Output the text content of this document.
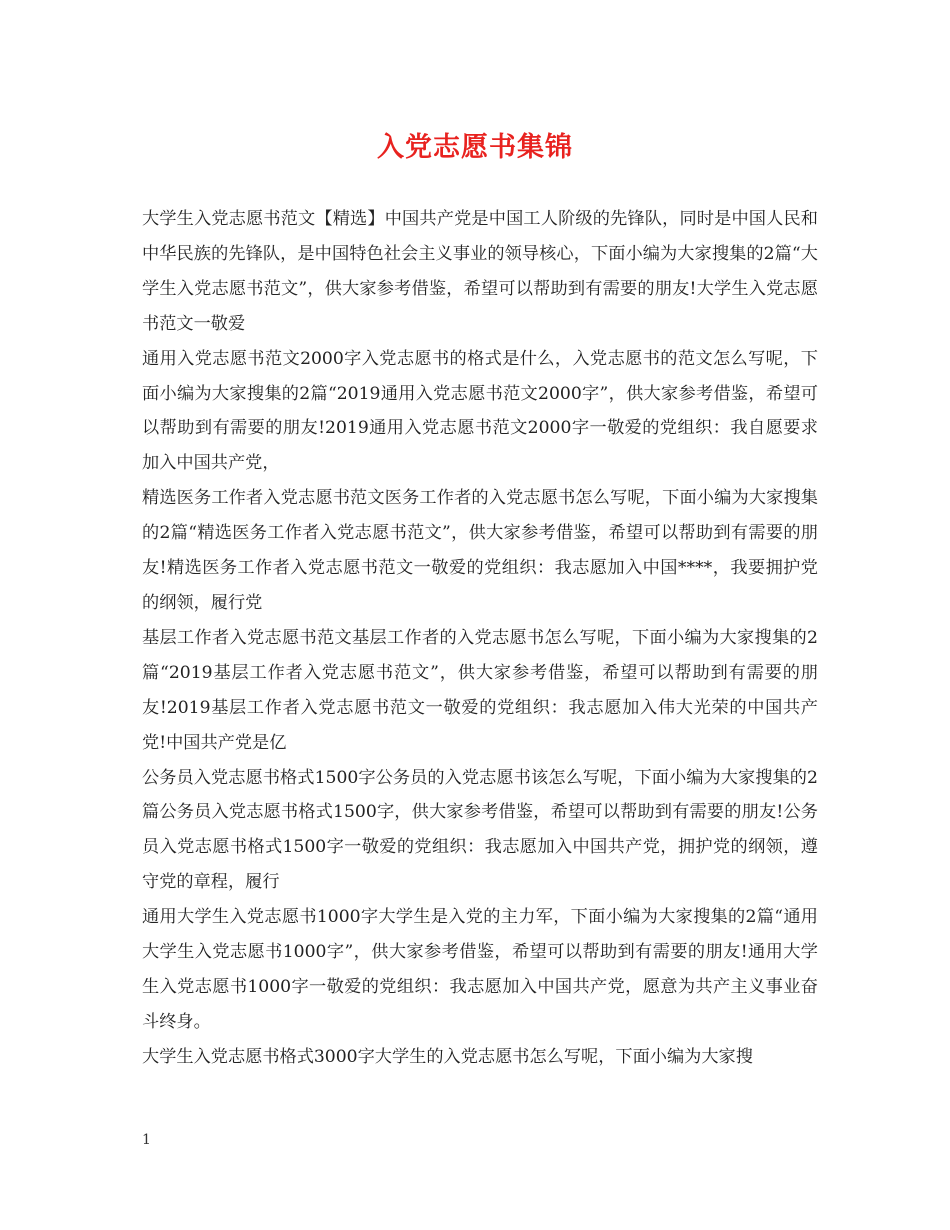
入党志愿书集锦

大学生入党志愿书范文【精选】中国共产党是中国工人阶级的先锋队，同时是中国人民和中华民族的先锋队，是中国特色社会主义事业的领导核心，下面小编为大家搜集的2篇“大学生入党志愿书范文”，供大家参考借鉴，希望可以帮助到有需要的朋友!大学生入党志愿书范文一敬爱

通用入党志愿书范文2000字入党志愿书的格式是什么，入党志愿书的范文怎么写呢，下面小编为大家搜集的2篇“2019通用入党志愿书范文2000字”，供大家参考借鉴，希望可以帮助到有需要的朋友!2019通用入党志愿书范文2000字一敬爱的党组织：我自愿要求加入中国共产党，

精选医务工作者入党志愿书范文医务工作者的入党志愿书怎么写呢，下面小编为大家搜集的2篇“精选医务工作者入党志愿书范文”，供大家参考借鉴，希望可以帮助到有需要的朋友!精选医务工作者入党志愿书范文一敬爱的党组织：我志愿加入中国****，我要拥护党的纲领，履行党

基层工作者入党志愿书范文基层工作者的入党志愿书怎么写呢，下面小编为大家搜集的2篇“2019基层工作者入党志愿书范文”，供大家参考借鉴，希望可以帮助到有需要的朋友!2019基层工作者入党志愿书范文一敬爱的党组织：我志愿加入伟大光荣的中国共产党!中国共产党是亿

公务员入党志愿书格式1500字公务员的入党志愿书该怎么写呢，下面小编为大家搜集的2篇公务员入党志愿书格式1500字，供大家参考借鉴，希望可以帮助到有需要的朋友!公务员入党志愿书格式1500字一敬爱的党组织：我志愿加入中国共产党，拥护党的纲领，遵守党的章程，履行

通用大学生入党志愿书1000字大学生是入党的主力军，下面小编为大家搜集的2篇“通用大学生入党志愿书1000字”，供大家参考借鉴，希望可以帮助到有需要的朋友!通用大学生入党志愿书1000字一敬爱的党组织：我志愿加入中国共产党，愿意为共产主义事业奋斗终身。

大学生入党志愿书格式3000字大学生的入党志愿书怎么写呢，下面小编为大家搜

1
